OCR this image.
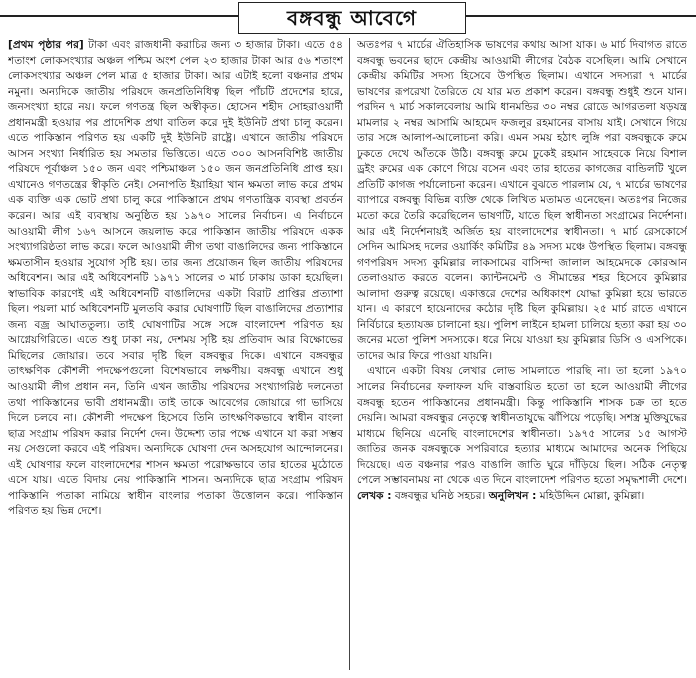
বঙ্গবন্ধু আবেগে

[প্রথম পৃষ্ঠার পর] টাকা এবং রাজধানী করাচির জন্য ৩ হাজার টাকা। এতে ৫৪ শতাংশ লোকসংখ্যার অঞ্চল পশ্চিম অংশ পেল ২৩ হাজার টাকা আর ৫৬ শতাংশ লোকসংখ্যার অঞ্চল পেল মাত্র ৫ হাজার টাকা। আর এটাই হলো বঞ্চনার প্রথম নমুনা। অন্যদিকে জাতীয় পরিষদে জনপ্রতিনিধিত্ব ছিল পাঁচটি প্রদেশের হারে, জনসংখ্যা হারে নয়। ফলে গণতন্ত্র ছিল অস্বীকৃত। হোসেন শহীদ সোহরাওয়ার্দী প্রধানমন্ত্রী হওয়ার পর প্রাদেশিক প্রথা বাতিল করে দুই ইউনিট প্রথা চালু করেন। এতে পাকিস্তান পরিণত হয় একটি দুই ইউনিট রাষ্ট্রে। এখানে জাতীয় পরিষদে আসন সংখ্যা নির্ধারিত হয় সমতার ভিত্তিতে। এতে ৩০০ আসনবিশিষ্ট জাতীয় পরিষদে পূর্বাঞ্চল ১৫০ জন এবং পশ্চিমাঞ্চল ১৫০ জন জনপ্রতিনিধি প্রাপ্ত হয়। এখানেও গণতন্ত্রের স্বীকৃতি নেই। সেনাপতি ইয়াহিয়া খান ক্ষমতা লাভ করে প্রথম এক ব্যক্তি এক ভোট প্রথা চালু করে পাকিস্তানে প্রথম গণতান্ত্রিক ব্যবস্থা প্রবর্তন করেন। আর এই ব্যবস্থায় অনুষ্ঠিত হয় ১৯৭০ সালের নির্বাচন। এ নির্বাচনে আওয়ামী লীগ ১৬৭ আসনে জয়লাভ করে পাকিস্তান জাতীয় পরিষদে একক সংখ্যাগরিষ্ঠতা লাভ করে। ফলে আওয়ামী লীগ তথা বাঙালিদের জন্য পাকিস্তানে ক্ষমতাসীন হওয়ার সুযোগ সৃষ্টি হয়। তার জন্য প্রয়োজন ছিল জাতীয় পরিষদের অধিবেশন। আর এই অধিবেশনটি ১৯৭১ সালের ৩ মার্চ ঢাকায় ডাকা হয়েছিল। স্বাভাবিক কারণেই এই অধিবেশনটি বাঙালিদের একটা বিরাট প্রাপ্তির প্রত্যাশা ছিল। পয়লা মার্চ অধিবেশনটি মুলতবি করার ঘোষণাটি ছিল বাঙালিদের প্রত্যাশার জন্য বজ্র আঘাততুল্য। তাই ঘোষণাটির সঙ্গে সঙ্গে বাংলাদেশ পরিণত হয় আগ্নেয়গিরিতে। এতে শুধু ঢাকা নয়, দেশময় সৃষ্টি হয় প্রতিবাদ আর বিক্ষোভের মিছিলের জোয়ার। তবে সবার দৃষ্টি ছিল বঙ্গবন্ধুর দিকে। এখানে বঙ্গবন্ধুর তাৎক্ষণিক কৌশলী পদক্ষেপগুলো বিশেষভাবে লক্ষণীয়। বঙ্গবন্ধু এখানে শুধু আওয়ামী লীগ প্রধান নন, তিনি এখন জাতীয় পরিষদের সংখ্যাগরিষ্ঠ দলনেতা তথা পাকিস্তানের ভাবী প্রধানমন্ত্রী। তাই তাকে আবেগের জোয়ারে গা ভাসিয়ে দিলে চলবে না। কৌশলী পদক্ষেপ হিসেবে তিনি তাৎক্ষণিকভাবে স্বাধীন বাংলা ছাত্র সংগ্রাম পরিষদ করার নির্দেশ দেন। উদ্দেশ্য তার পক্ষে এখানে যা করা সম্ভব নয় সেগুলো করবে এই পরিষদ। অন্যদিকে ঘোষণা দেন অসহযোগ আন্দোলনের। এই ঘোষণার ফলে বাংলাদেশের শাসন ক্ষমতা পরোক্ষভাবে তার হাতের মুঠোতে এসে যায়। এতে বিদায় নেয় পাকিস্তানি শাসন। অন্যদিকে ছাত্র সংগ্রাম পরিষদ পাকিস্তানি পতাকা নামিয়ে স্বাধীন বাংলার পতাকা উত্তোলন করে। পাকিস্তান পরিণত হয় ভিন্ন দেশে।

অতঃপর ৭ মার্চের ঐতিহাসিক ভাষণের কথায় আসা যাক। ৬ মার্চ দিবাগত রাতে বঙ্গবন্ধু ভবনের ছাদে কেন্দ্রীয় আওয়ামী লীগের বৈঠক বসেছিল। আমি সেখানে কেন্দ্রীয় কমিটির সদস্য হিসেবে উপস্থিত ছিলাম। এখানে সদস্যরা ৭ মার্চের ভাষণের রূপরেখা তৈরিতে যে যার মত প্রকাশ করেন। বঙ্গবন্ধু শুধুই শুনে যান। পরদিন ৭ মার্চ সকালবেলায় আমি ধানমন্ডির ৩০ নম্বর রোডে আগরতলা ষড়যন্ত্র মামলার ২ নম্বর আসামি আহমেদ ফজলুর রহমানের বাসায় যাই। সেখানে গিয়ে তার সঙ্গে আলাপ-আলোচনা করি। এমন সময় হঠাৎ লুঙ্গি পরা বঙ্গবন্ধুকে রুমে ঢুকতে দেখে আঁতকে উঠি। বঙ্গবন্ধু রুমে ঢুকেই রহমান সাহেবকে নিয়ে বিশাল ড্রইং রুমের এক কোণে গিয়ে বসেন এবং তার হাতের কাগজের বান্ডিলটি খুলে প্রতিটি কাগজ পর্যালোচনা করেন। এখানে বুঝতে পারলাম যে, ৭ মার্চের ভাষণের ব্যাপারে বঙ্গবন্ধু বিভিন্ন ব্যক্তি থেকে লিখিত মতামত এনেছেন। অতঃপর নিজের মতো করে তৈরি করেছিলেন ভাষণটি, যাতে ছিল স্বাধীনতা সংগ্রামের নির্দেশনা। আর এই নির্দেশনায়ই অর্জিত হয় বাংলাদেশের স্বাধীনতা। ৭ মার্চ রেসকোর্সে সেদিন আমিসহ দলের ওয়ার্কিং কমিটির ৪৯ সদস্য মঞ্চে উপস্থিত ছিলাম। বঙ্গবন্ধু গণপরিষদ সদস্য কুমিল্লার লাকসামের বাসিন্দা জালাল আহমেদকে কোরআন তেলাওয়াত করতে বলেন। ক্যান্টনমেন্ট ও সীমান্তের শহর হিসেবে কুমিল্লার আলাদা গুরুত্ব রয়েছে। একাত্তরে দেশের অধিকাংশ যোদ্ধা কুমিল্লা হয়ে ভারতে যান। এ কারণে হায়েনাদের কঠোর দৃষ্টি ছিল কুমিল্লায়। ২৫ মার্চ রাতে এখানে নির্বিচারে হত্যাযজ্ঞ চালানো হয়। পুলিশ লাইনে হামলা চালিয়ে হত্যা করা হয় ৩০ জনের মতো পুলিশ সদস্যকে। ধরে নিয়ে যাওয়া হয় কুমিল্লার ডিসি ও এসপিকে। তাদের আর ফিরে পাওয়া যায়নি।

এখানে একটা বিষয় লেখার লোভ সামলাতে পারছি না। তা হলো ১৯৭০ সালের নির্বাচনের ফলাফল যদি বাস্তবায়িত হতো তা হলে আওয়ামী লীগের বঙ্গবন্ধু হতেন পাকিস্তানের প্রধানমন্ত্রী। কিন্তু পাকিস্তানি শাসক চক্র তা হতে দেয়নি। আমরা বঙ্গবন্ধুর নেতৃত্বে স্বাধীনতাযুদ্ধে ঝাঁপিয়ে পড়েছি। সশস্ত্র মুক্তিযুদ্ধের মাধ্যমে ছিনিয়ে এনেছি বাংলাদেশের স্বাধীনতা। ১৯৭৫ সালের ১৫ আগস্ট জাতির জনক বঙ্গবন্ধুকে সপরিবারে হত্যার মাধ্যমে আমাদের অনেক পিছিয়ে দিয়েছে। এত বঞ্চনার পরও বাঙালি জাতি ঘুরে দাঁড়িয়ে ছিল। সঠিক নেতৃত্ব পেলে সম্ভাবনাময় না থেকে এত দিনে বাংলাদেশ পরিণত হতো সমৃদ্ধশালী দেশে। লেখক : বঙ্গবন্ধুর ঘনিষ্ঠ সহচর। অনুলিখন : মহিউদ্দিন মোল্লা, কুমিল্লা।
